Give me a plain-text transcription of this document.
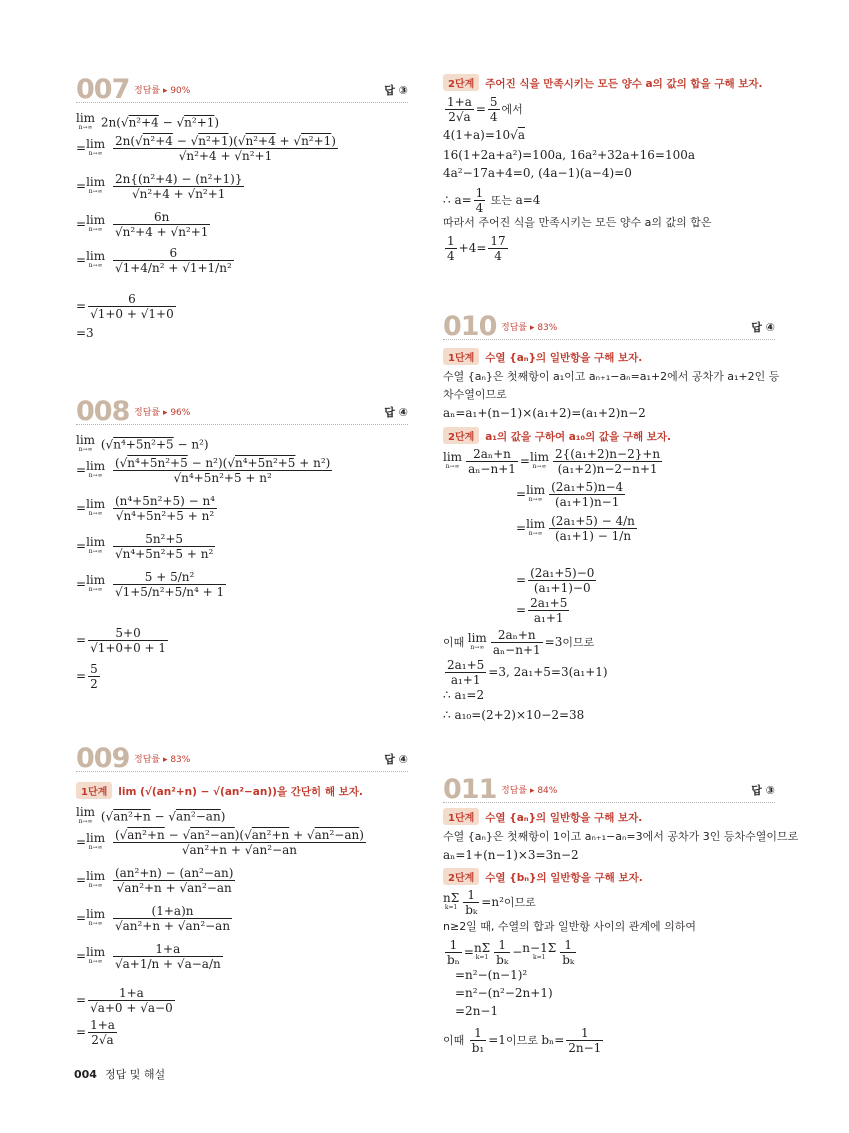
007 정답률 ▸ 90%	답 ③
lim
n→∞ 2n(√n²+4 − √n²+1)
=lim
n→∞
$\frac{\text{2n(√n²+4 − √n²+1)(√n²+4 + √n²+1)}}{\text{√n²+4 + √n²+1}}$
=lim
n→∞
$\frac{\text{2n\{(n²+4) − (n²+1)\}}}{\text{√n²+4 + √n²+1}}$
=lim
n→∞
$\frac{6n}{\text{√n²+4 + √n²+1}}$
=lim
n→∞
$\frac{6}{\text{√1+4/n² + √1+1/n²}}$
= $\frac{6}{√1+0 + √1+0}$
=3
008 정답률 ▸ 96%	답 ④
lim
n→∞ (√n⁴+5n²+5 − n²)
=lim
n→∞
$\frac{\text{(√n⁴+5n²+5 − n²)(√n⁴+5n²+5 + n²)}}{\text{√n⁴+5n²+5 + n²}}$
=lim
n→∞
$\frac{\text{(n⁴+5n²+5) − n⁴}}{\text{√n⁴+5n²+5 + n²}}$
=lim
n→∞
$\frac{\text{5n²+5}}{\text{√n⁴+5n²+5 + n²}}$
=lim
n→∞
$\frac{\text{5 + 5/n²}}{\text{√1+5/n²+5/n⁴ + 1}}$
= $\frac{5+0}{√1+0+0 + 1}$
= $\frac{5}{2}$
009 정답률 ▸ 83%	답 ④
1단계 lim (√(an²+n) − √(an²−an))을 간단히 해 보자.
lim
n→∞ (√an²+n − √an²−an)
=lim
n→∞
$\frac{\text{(√an²+n − √an²−an)(√an²+n + √an²−an)}}{\text{√an²+n + √an²−an}}$
=lim
n→∞
$\frac{\text{(an²+n) − (an²−an)}}{\text{√an²+n + √an²−an}}$
=lim
n→∞
$\frac{(1+a)n}{\text{√an²+n + √an²−an}}$
=lim
n→∞
$\frac{1+a}{√a+1/n + √a-a/n}$
= $\frac{1+a}{√a+0 + √a-0}$
= $\frac{1+a}{2√a}$
2단계 주어진 식을 만족시키는 모든 양수 a의 값의 합을 구해 보자.
$\frac{1+a}{2√a} = \frac{5}{4}$ 에서
4(1+a)=10√a
16(1+2a+a²)=100a, 16a²+32a+16=100a
4a²−17a+4=0, (4a−1)(a−4)=0
∴ $a= \frac{1}{4}$ 또는 a=4
따라서 주어진 식을 만족시키는 모든 양수 a의 값의 합은
$\frac{1}{4} +4= \frac{17}{4}$
010 정답률 ▸ 83%	답 ④
1단계 수열 {aₙ}의 일반항을 구해 보자.
수열 {aₙ}은 첫째항이 a₁이고 aₙ₊₁−aₙ=a₁+2에서 공차가 a₁+2인 등
차수열이므로
aₙ=a₁+(n−1)×(a₁+2)=(a₁+2)n−2
2단계 a₁의 값을 구하여 a₁₀의 값을 구해 보자.
lim
$n\to\infty \frac{\text{2aₙ+n}}{\text{aₙ−n+1}} =\lim$
$n\to\infty \frac{\text{2\{(a₁+2)n−2\}+n}}{\text{(a₁+2)n−2−n+1}}$
=lim
$n\to\infty \frac{\text{(2a₁+5)n−4}}{\text{(a₁+1)n−1}}$
=lim
$n\to\infty \frac{\text{(2a₁+5) − 4/n}}{\text{(a₁+1) − 1/n}}$
= $\frac{\text{(2a₁+5)−0}}{\text{(a₁+1)−0}}$
= $\frac{\text{2a₁+5}}{\text{a₁+1}}$
이때 lim
$n\to\infty \frac{\text{2aₙ+n}}{\text{aₙ−n+1}} =3$이므로
$\frac{\text{2a₁+5}}{\text{a₁+1}} =3$, 2a₁+5=3(a₁+1)
∴ a₁=2
∴ a₁₀=(2+2)×10−2=38
011 정답률 ▸ 84%	답 ③
1단계 수열 {aₙ}의 일반항을 구해 보자.
수열 {aₙ}은 첫째항이 1이고 aₙ₊₁−aₙ=3에서 공차가 3인 등차수열이므로
aₙ=1+(n−1)×3=3n−2
2단계 수열 {bₙ}의 일반항을 구해 보자.
nΣ
$k=1 \frac{1}{\text{bₖ}} =n^2$이므로
n≥2일 때, 수열의 합과 일반항 사이의 관계에 의하여
$\frac{1}{\text{bₙ}} =n\Sigma$
$k=1 \frac{1}{\text{bₖ}} -n-1\Sigma$
k=1	$\frac{1}{\text{bₖ}}$
=n²−(n−1)²
=n²−(n²−2n+1)
=2n−1
이때 $\frac{1}{\text{b₁}} =1$이므로 $b_n= \frac{1}{2n-1}$
004 정답 및 해설
